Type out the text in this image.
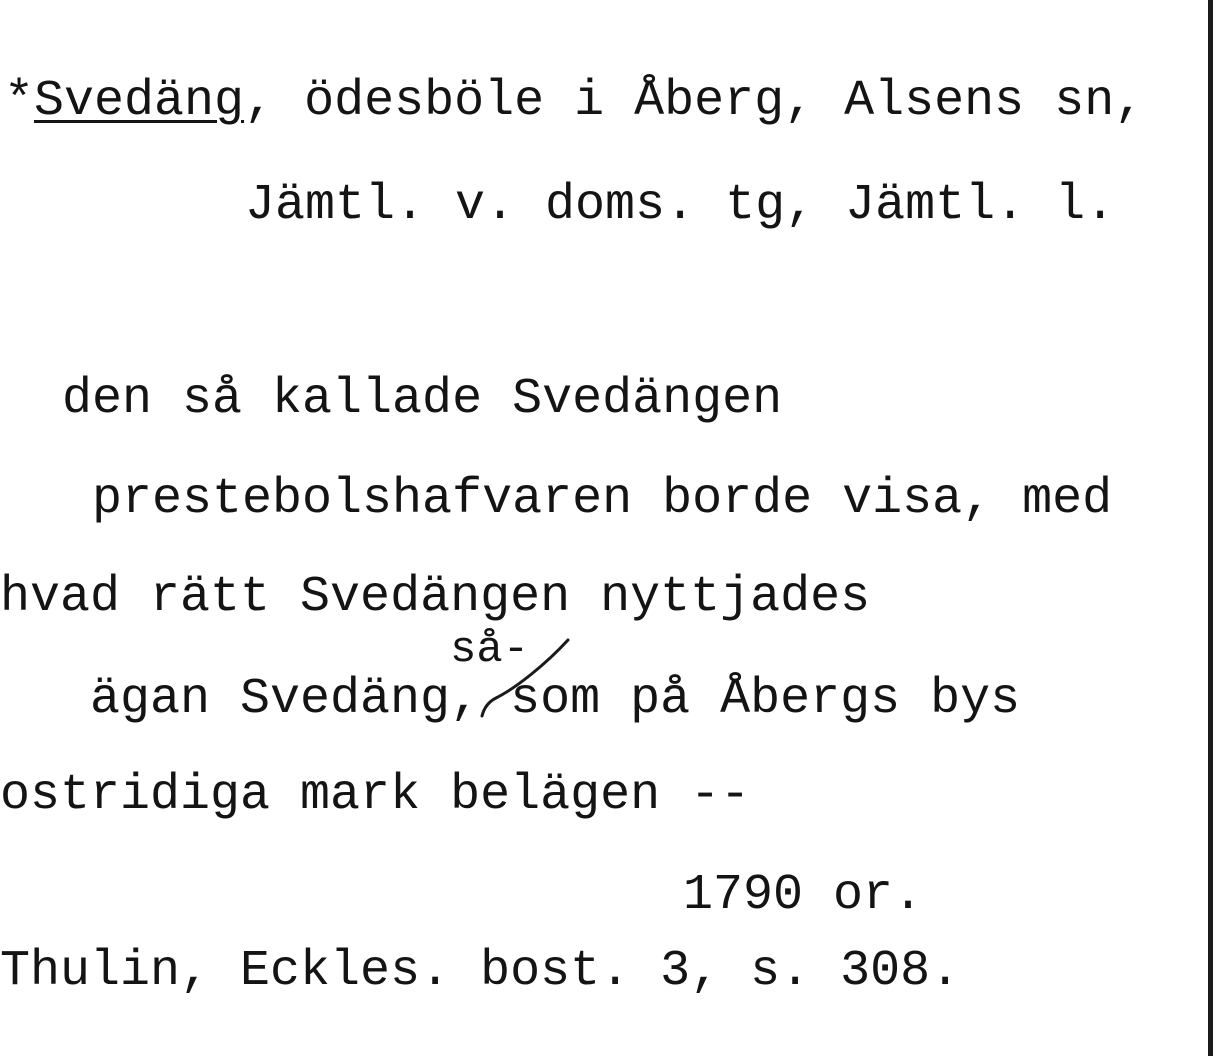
*Svedäng, ödesböle i Åberg, Alsens sn,
Jämtl. v. doms. tg, Jämtl. l.
den så kallade Svedängen
prestebolshafvaren borde visa, med
hvad rätt Svedängen nyttjades
så-
ägan Svedäng, som på Åbergs bys
ostridiga mark belägen --
1790 or.
Thulin, Eckles. bost. 3, s. 308.
